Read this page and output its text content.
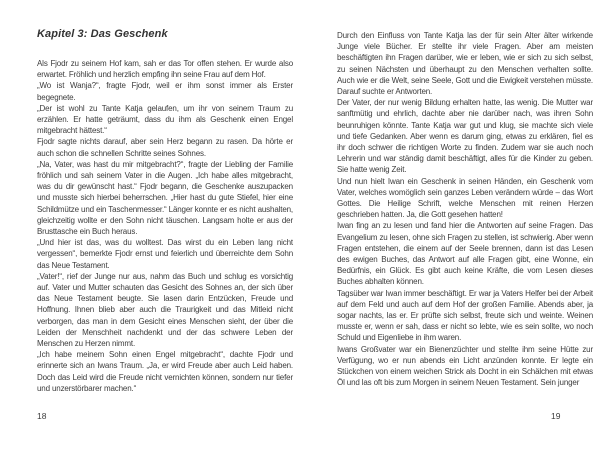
Kapitel 3: Das Geschenk

Als Fjodr zu seinem Hof kam, sah er das Tor offen stehen. Er wurde also erwartet. Fröhlich und herzlich empfing ihn seine Frau auf dem Hof.

„Wo ist Wanja?“, fragte Fjodr, weil er ihm sonst immer als Erster begegnete.

„Der ist wohl zu Tante Katja gelaufen, um ihr von seinem Traum zu erzählen. Er hatte geträumt, dass du ihm als Geschenk einen Engel mitgebracht hättest.“

Fjodr sagte nichts darauf, aber sein Herz begann zu rasen. Da hörte er auch schon die schnellen Schritte seines Sohnes.

„Na, Vater, was hast du mir mitgebracht?“, fragte der Liebling der Familie fröhlich und sah seinem Vater in die Augen. „Ich habe alles mitgebracht, was du dir gewünscht hast.“ Fjodr begann, die Geschenke auszupacken und musste sich hierbei beherrschen. „Hier hast du gute Stiefel, hier eine Schildmütze und ein Taschenmesser.“ Länger konnte er es nicht aushalten, gleichzeitig wollte er den Sohn nicht täuschen. Langsam holte er aus der Brusttasche ein Buch heraus.

„Und hier ist das, was du wolltest. Das wirst du ein Leben lang nicht vergessen“, bemerkte Fjodr ernst und feierlich und überreichte dem Sohn das Neue Testament.

„Vater!“, rief der Junge nur aus, nahm das Buch und schlug es vorsichtig auf. Vater und Mutter schauten das Gesicht des Sohnes an, der sich über das Neue Testament beugte. Sie lasen darin Entzücken, Freude und Hoffnung. Ihnen blieb aber auch die Traurigkeit und das Mitleid nicht verborgen, das man in dem Gesicht eines Menschen sieht, der über die Leiden der Menschheit nachdenkt und der das schwere Leben der Menschen zu Herzen nimmt.

„Ich habe meinem Sohn einen Engel mitgebracht“, dachte Fjodr und erinnerte sich an Iwans Traum. „Ja, er wird Freude aber auch Leid haben. Doch das Leid wird die Freude nicht vernichten können, sondern nur tiefer und unzerstörbarer machen.“

18

Durch den Einfluss von Tante Katja las der für sein Alter älter wirkende Junge viele Bücher. Er stellte ihr viele Fragen. Aber am meisten beschäftigten ihn Fragen darüber, wie er leben, wie er sich zu sich selbst, zu seinen Nächsten und überhaupt zu den Menschen verhalten sollte. Auch wie er die Welt, seine Seele, Gott und die Ewigkeit verstehen müsste. Darauf suchte er Antworten.

Der Vater, der nur wenig Bildung erhalten hatte, las wenig. Die Mutter war sanftmütig und ehrlich, dachte aber nie darüber nach, was ihren Sohn beunruhigen könnte. Tante Katja war gut und klug, sie machte sich viele und tiefe Gedanken. Aber wenn es darum ging, etwas zu erklären, fiel es ihr doch schwer die richtigen Worte zu finden. Zudem war sie auch noch Lehrerin und war ständig damit beschäftigt, alles für die Kinder zu geben. Sie hatte wenig Zeit.

Und nun hielt Iwan ein Geschenk in seinen Händen, ein Geschenk vom Vater, welches womöglich sein ganzes Leben verändern würde – das Wort Gottes. Die Heilige Schrift, welche Menschen mit reinen Herzen geschrieben hatten. Ja, die Gott gesehen hatten!

Iwan fing an zu lesen und fand hier die Antworten auf seine Fragen. Das Evangelium zu lesen, ohne sich Fragen zu stellen, ist schwierig. Aber wenn Fragen entstehen, die einem auf der Seele brennen, dann ist das Lesen des ewigen Buches, das Antwort auf alle Fragen gibt, eine Wonne, ein Bedürfnis, ein Glück. Es gibt auch keine Kräfte, die vom Lesen dieses Buches abhalten können.

Tagsüber war Iwan immer beschäftigt. Er war ja Vaters Helfer bei der Arbeit auf dem Feld und auch auf dem Hof der großen Familie. Abends aber, ja sogar nachts, las er. Er prüfte sich selbst, freute sich und weinte. Weinen musste er, wenn er sah, dass er nicht so lebte, wie es sein sollte, wo noch Schuld und Eigenliebe in ihm waren.

Iwans Großvater war ein Bienenzüchter und stellte ihm seine Hütte zur Verfügung, wo er nun abends ein Licht anzünden konnte. Er legte ein Stückchen von einem weichen Strick als Docht in ein Schälchen mit etwas Öl und las oft bis zum Morgen in seinem Neuen Testament. Sein junger

19
